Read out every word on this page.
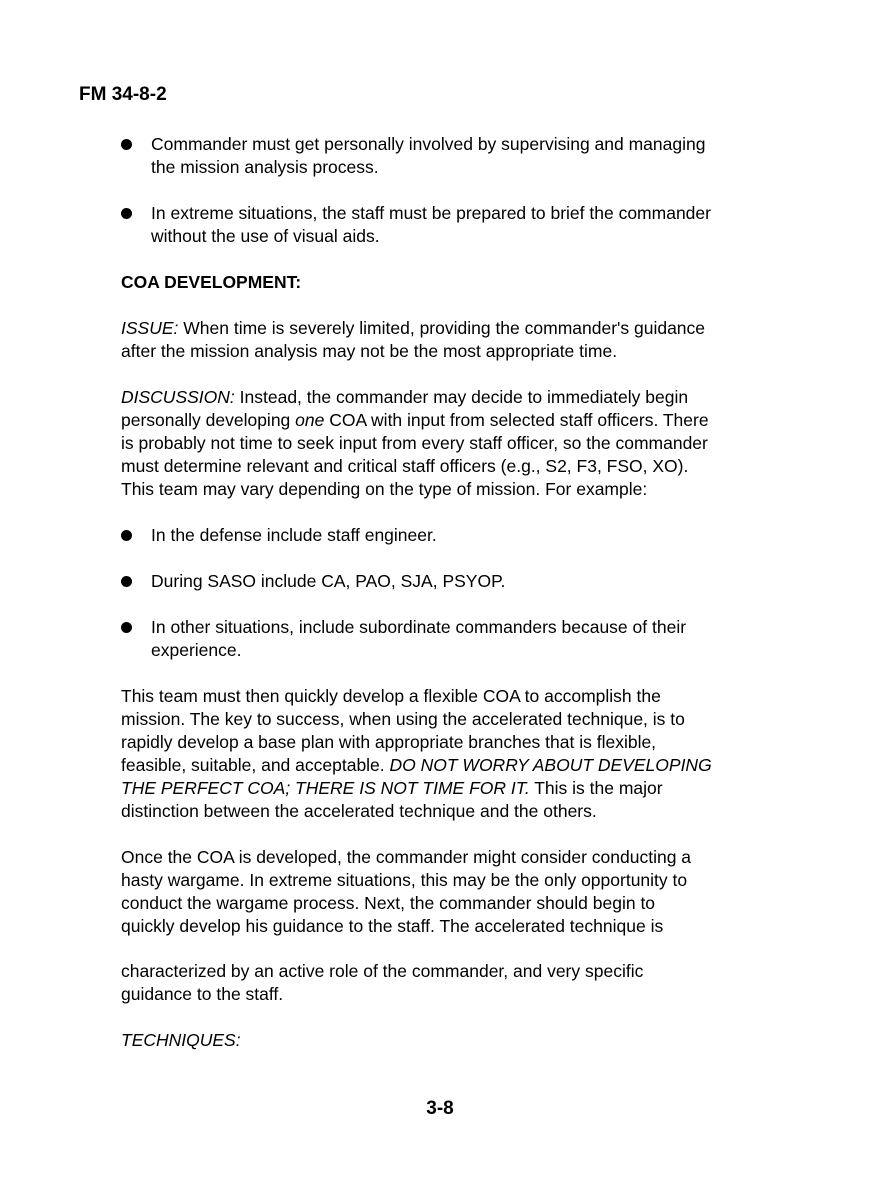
FM 34-8-2
Commander must get personally involved by supervising and managing
the mission analysis process.
In extreme situations, the staff must be prepared to brief the commander
without the use of visual aids.
COA DEVELOPMENT:
ISSUE: When time is severely limited, providing the commander's guidance
after the mission analysis may not be the most appropriate time.
DISCUSSION: Instead, the commander may decide to immediately begin
personally developing one COA with input from selected staff officers. There
is probably not time to seek input from every staff officer, so the commander
must determine relevant and critical staff officers (e.g., S2, F3, FSO, XO).
This team may vary depending on the type of mission. For example:
In the defense include staff engineer.
During SASO include CA, PAO, SJA, PSYOP.
In other situations, include subordinate commanders because of their
experience.
This team must then quickly develop a flexible COA to accomplish the
mission. The key to success, when using the accelerated technique, is to
rapidly develop a base plan with appropriate branches that is flexible,
feasible, suitable, and acceptable. DO NOT WORRY ABOUT DEVELOPING
THE PERFECT COA; THERE IS NOT TIME FOR IT. This is the major
distinction between the accelerated technique and the others.
Once the COA is developed, the commander might consider conducting a
hasty wargame. In extreme situations, this may be the only opportunity to
conduct the wargame process. Next, the commander should begin to
quickly develop his guidance to the staff. The accelerated technique is
characterized by an active role of the commander, and very specific
guidance to the staff.
TECHNIQUES:
3-8
